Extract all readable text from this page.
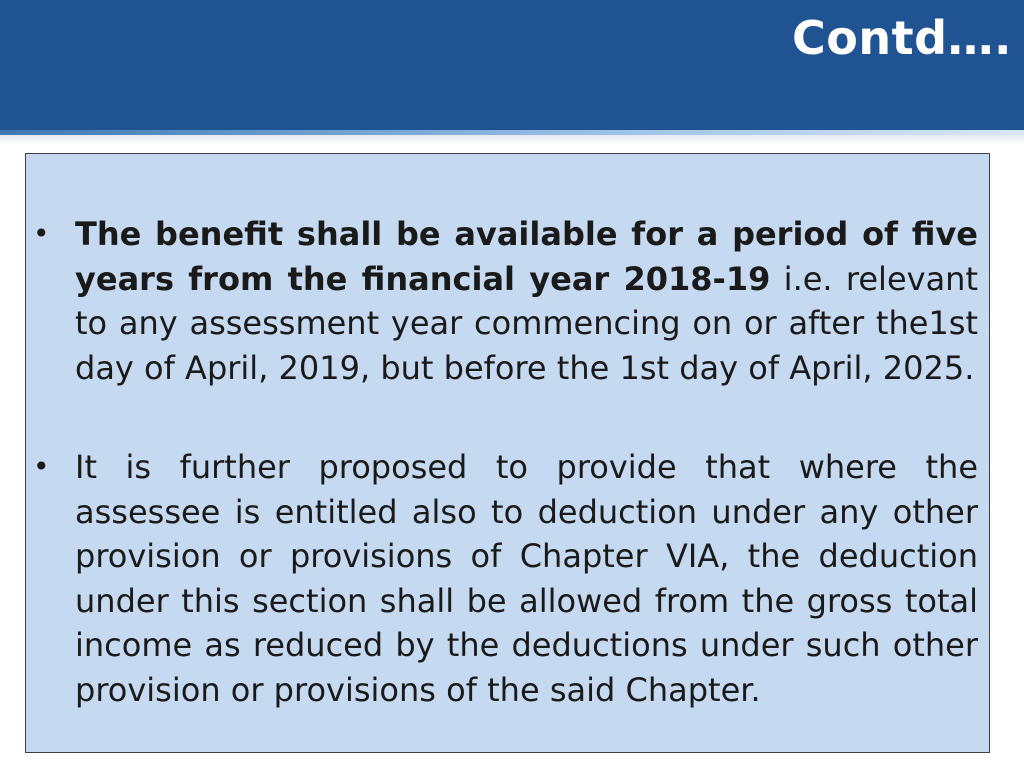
Contd….
• The benefit shall be available for a period of five years from the financial year 2018-19 i.e. relevant to any assessment year commencing on or after the1st day of April, 2019, but before the 1st day of April, 2025.
• It is further proposed to provide that where the assessee is entitled also to deduction under any other provision or provisions of Chapter VIA, the deduction under this section shall be allowed from the gross total income as reduced by the deductions under such other provision or provisions of the said Chapter.
